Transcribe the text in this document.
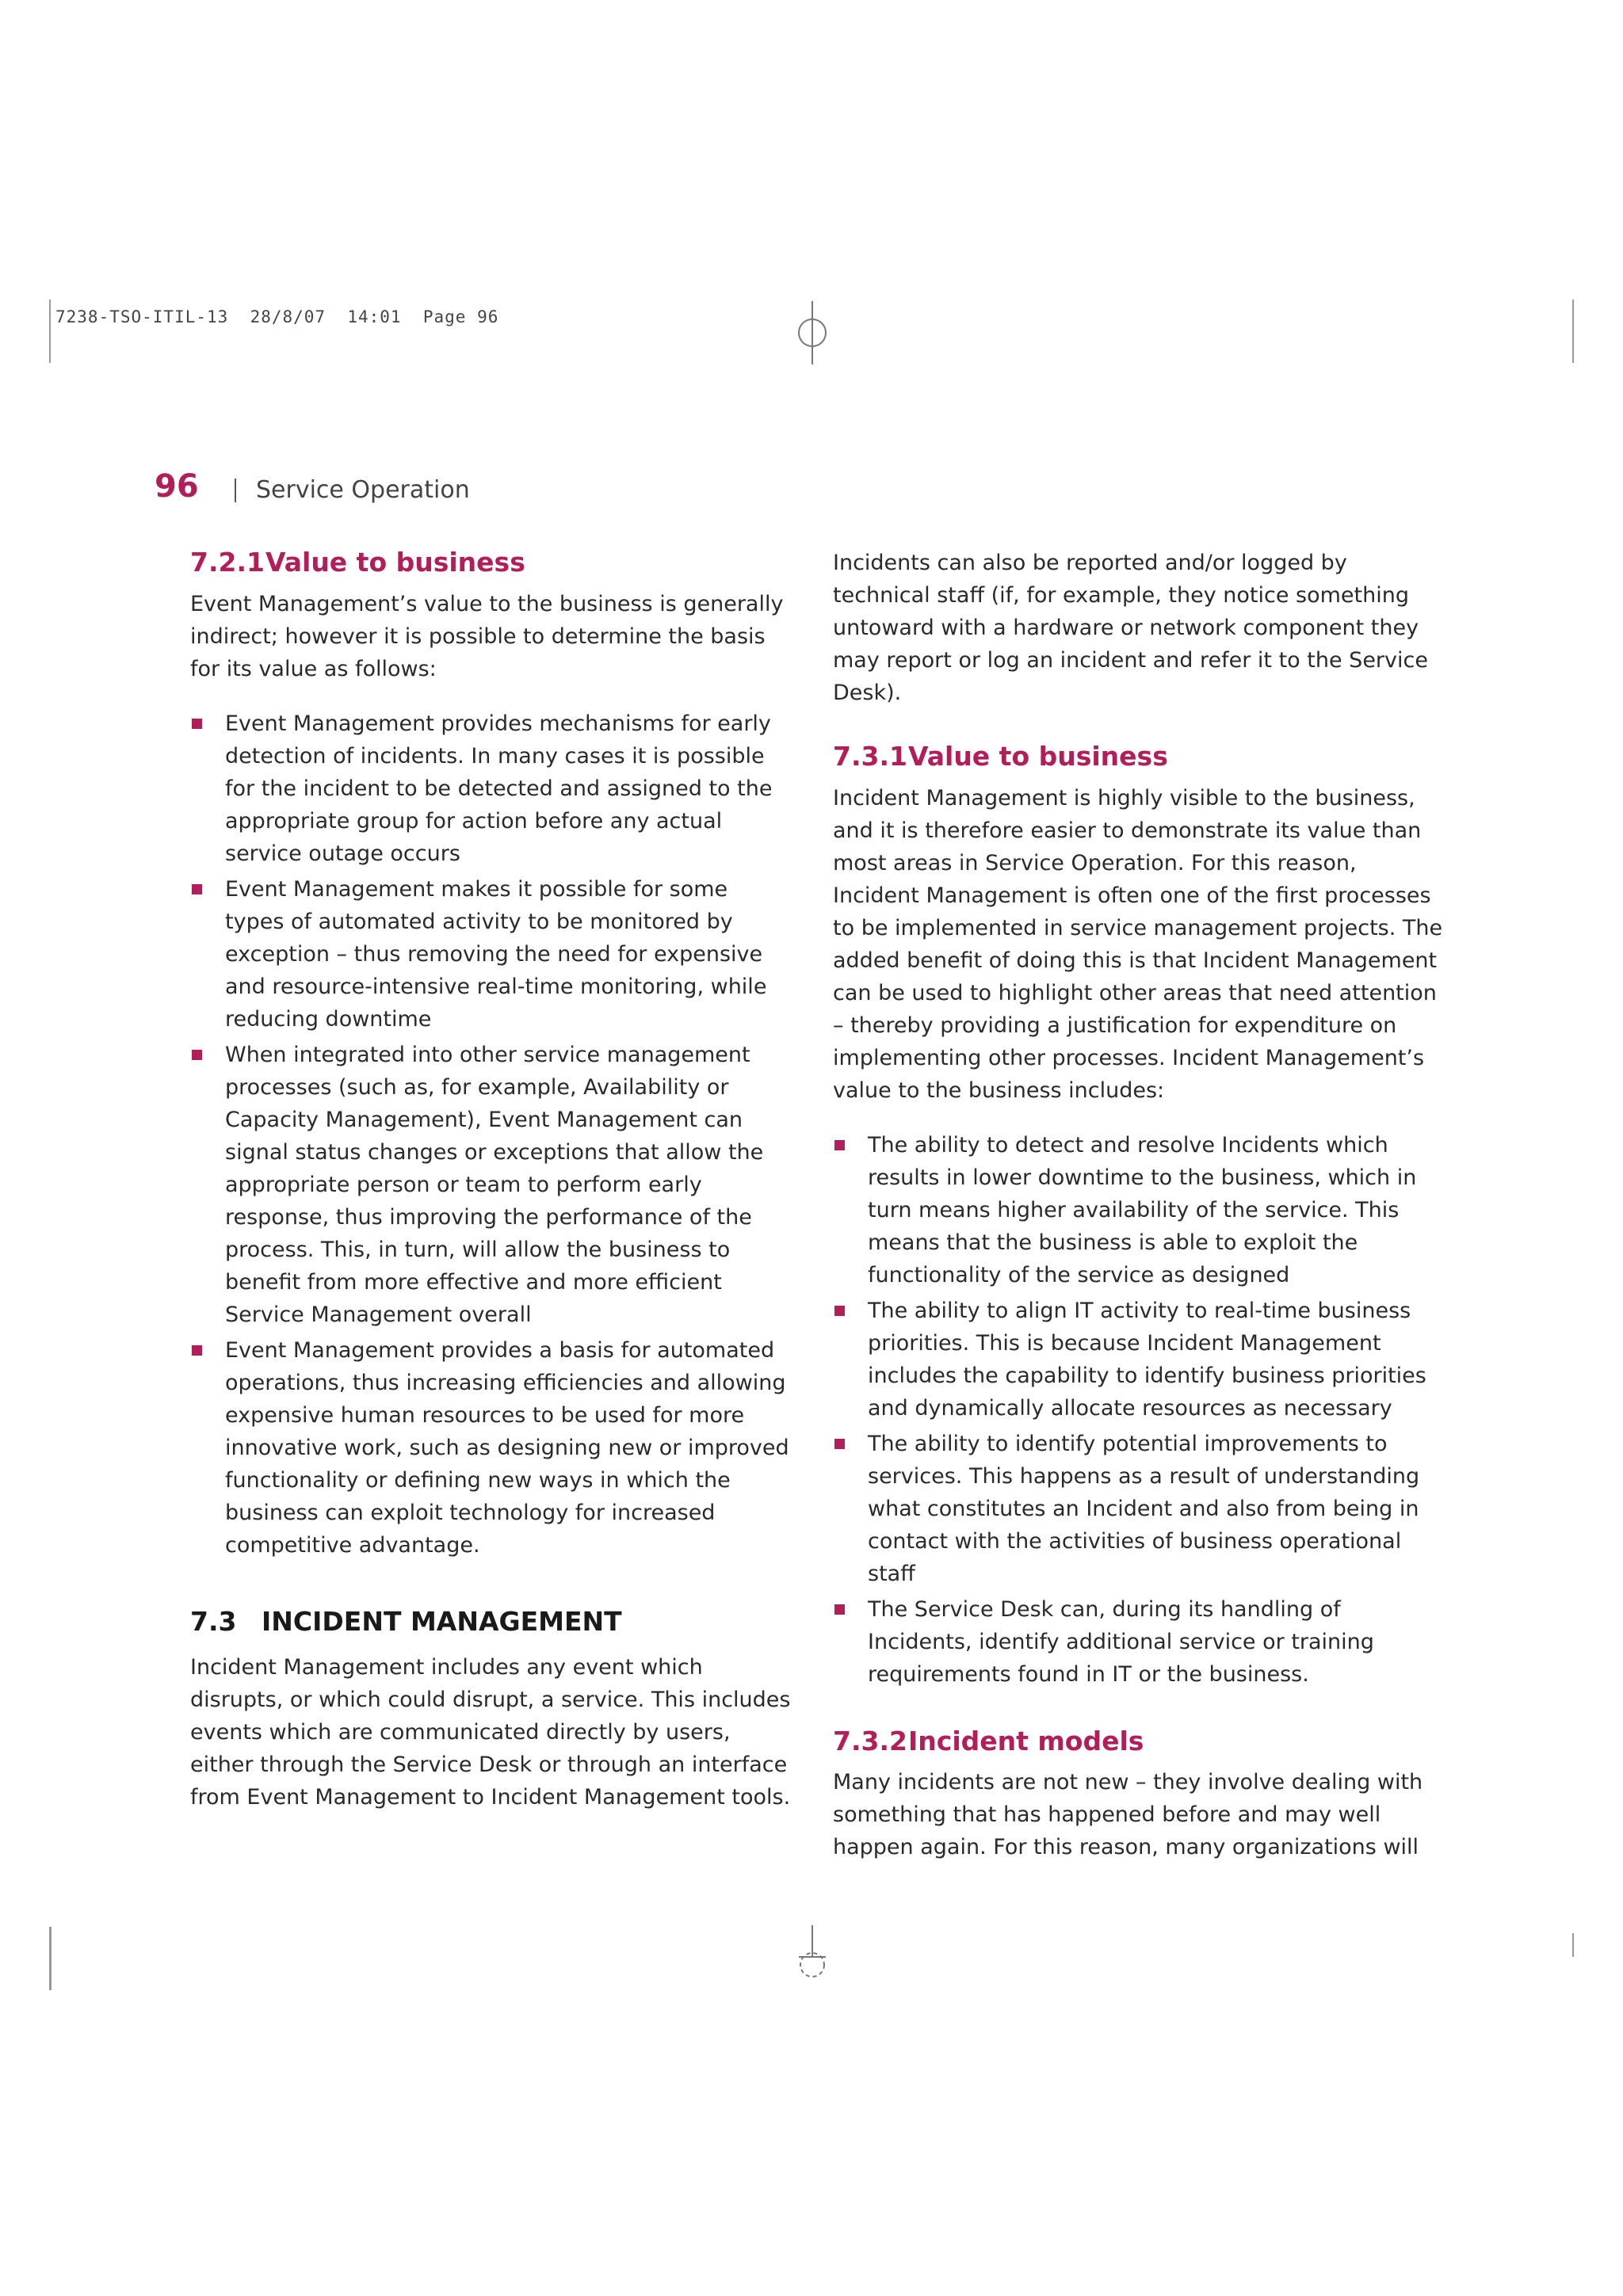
7238-TSO-ITIL-13  28/8/07  14:01  Page 96
96 Service Operation
7.2.1Value to business

Event Management’s value to the business is generally indirect; however it is possible to determine the basis for its value as follows:

Event Management provides mechanisms for early detection of incidents. In many cases it is possible for the incident to be detected and assigned to the appropriate group for action before any actual service outage occurs
Event Management makes it possible for some types of automated activity to be monitored by exception – thus removing the need for expensive and resource-intensive real-time monitoring, while reducing downtime
When integrated into other service management processes (such as, for example, Availability or Capacity Management), Event Management can signal status changes or exceptions that allow the appropriate person or team to perform early response, thus improving the performance of the process. This, in turn, will allow the business to benefit from more effective and more efficient Service Management overall
Event Management provides a basis for automated operations, thus increasing efficiencies and allowing expensive human resources to be used for more innovative work, such as designing new or improved functionality or defining new ways in which the business can exploit technology for increased competitive advantage.
7.3 INCIDENT MANAGEMENT

Incident Management includes any event which disrupts, or which could disrupt, a service. This includes events which are communicated directly by users, either through the Service Desk or through an interface from Event Management to Incident Management tools.

Incidents can also be reported and/or logged by technical staff (if, for example, they notice something untoward with a hardware or network component they may report or log an incident and refer it to the Service Desk).

7.3.1Value to business

Incident Management is highly visible to the business, and it is therefore easier to demonstrate its value than most areas in Service Operation. For this reason, Incident Management is often one of the first processes to be implemented in service management projects. The added benefit of doing this is that Incident Management can be used to highlight other areas that need attention – thereby providing a justification for expenditure on implementing other processes. Incident Management’s value to the business includes:

The ability to detect and resolve Incidents which results in lower downtime to the business, which in turn means higher availability of the service. This means that the business is able to exploit the functionality of the service as designed
The ability to align IT activity to real-time business priorities. This is because Incident Management includes the capability to identify business priorities and dynamically allocate resources as necessary
The ability to identify potential improvements to services. This happens as a result of understanding what constitutes an Incident and also from being in contact with the activities of business operational staff
The Service Desk can, during its handling of Incidents, identify additional service or training requirements found in IT or the business.
7.3.2Incident models

Many incidents are not new – they involve dealing with something that has happened before and may well happen again. For this reason, many organizations will
